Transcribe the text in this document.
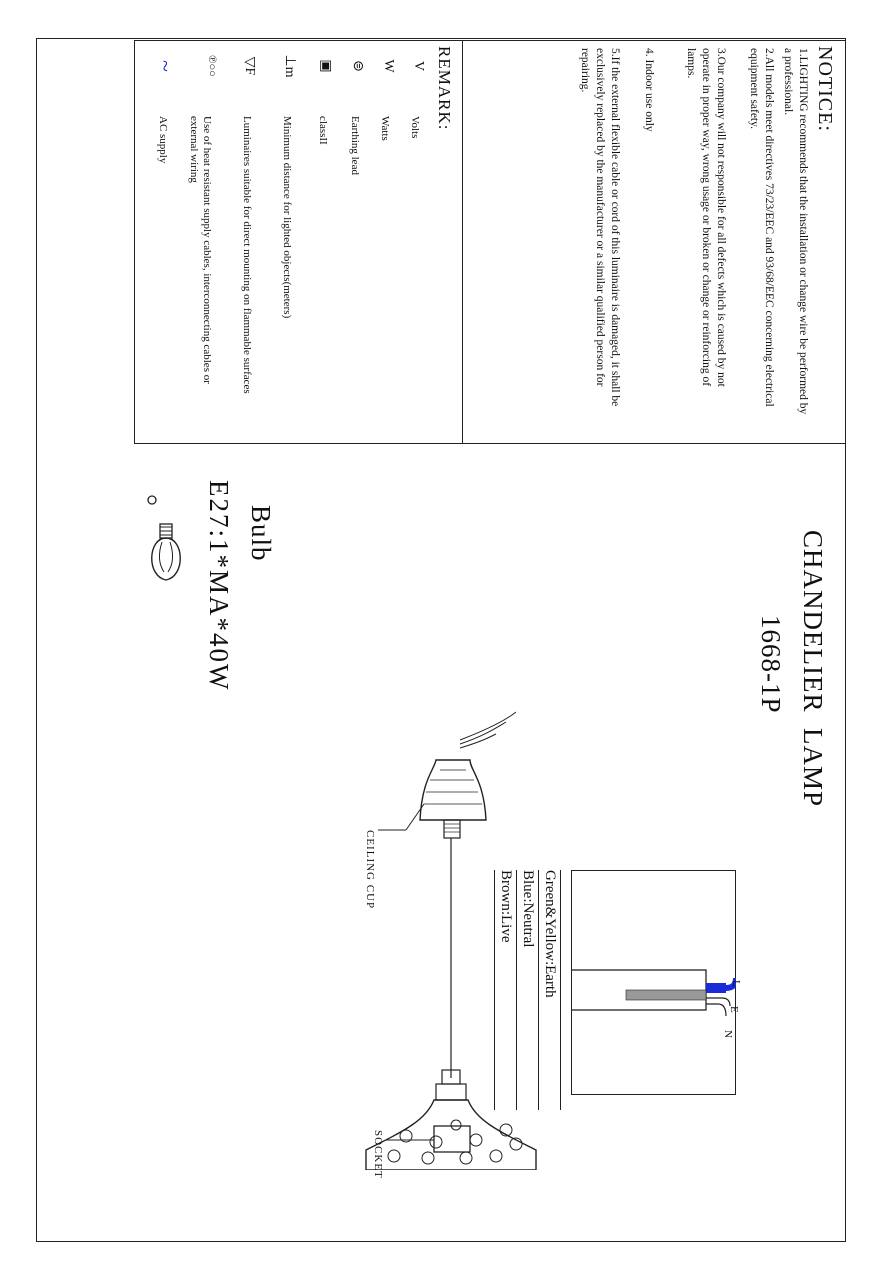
NOTICE:
1.LIGHTING recommends that the installation or change wire be performed by a professional.
2.All models meet directives 73/23/EEC and 93/68/EEC concerning electrical equipment safety.
3.Our company will not responsible for all defects which is caused by not operate in proper way, wrong usage or broken or change or reinforcing of lamps.
4. Indoor use only
5.If the external flexible cable or cord of this luminaire is damaged, it shall be exclusively replaced by the manufacturer or a similar qualified person for repairing.
REMARK:
V
Volts
W
Watts
⊜
Earthing lead
▣
classII
⊥m
Minimum distance for lighted objects(meters)
▽F
Luminaires suitable for direct mounting on flammable surfaces
℗○○
Use of heat resistant supply cables, interconnecting cables or external wiring
~
AC supply
CHANDELIER  LAMP
1668-1P
Bulb
E27:1*MA*40W
CEILING CUP
SOCKET
L
E
N
Green&Yellow:Earth
Blue:Neutral
Brown:Live
